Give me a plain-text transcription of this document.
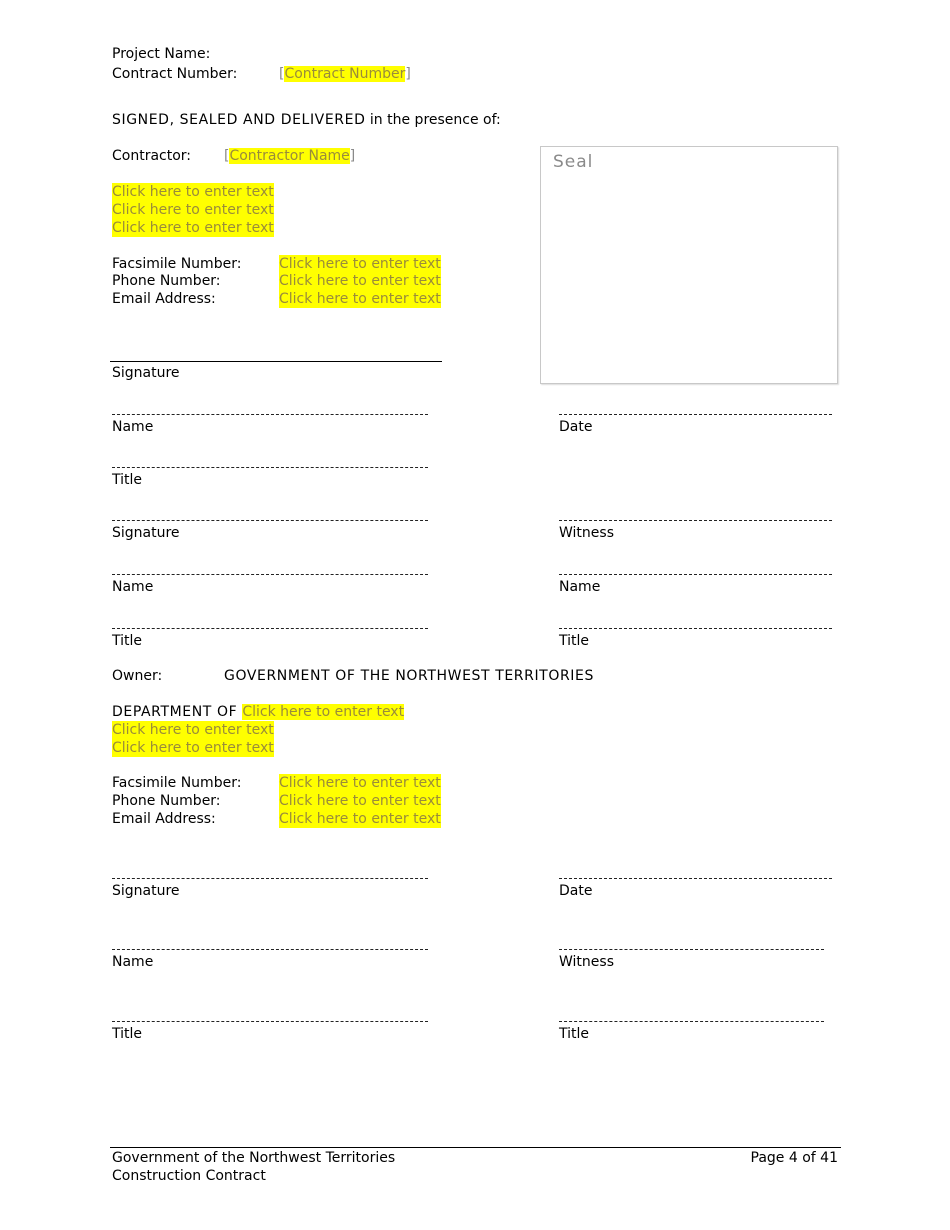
Project Name:
Contract Number:	[Contract Number]
SIGNED, SEALED AND DELIVERED in the presence of:
Contractor: [Contractor Name]
Click here to enter text
Click here to enter text
Click here to enter text
Facsimile Number:	Click here to enter text
Phone Number:	Click here to enter text
Email Address:	Click here to enter text
Seal
Signature
Name	Date
Title
Signature	Witness
Name	Name
Title	Title
Owner:	GOVERNMENT OF THE NORTHWEST TERRITORIES
DEPARTMENT OF Click here to enter text
Click here to enter text
Click here to enter text
Facsimile Number:	Click here to enter text
Phone Number:	Click here to enter text
Email Address:	Click here to enter text
Signature	Date
Name	Witness
Title	Title
Government of the Northwest Territories
Construction Contract
Page 4 of 41
